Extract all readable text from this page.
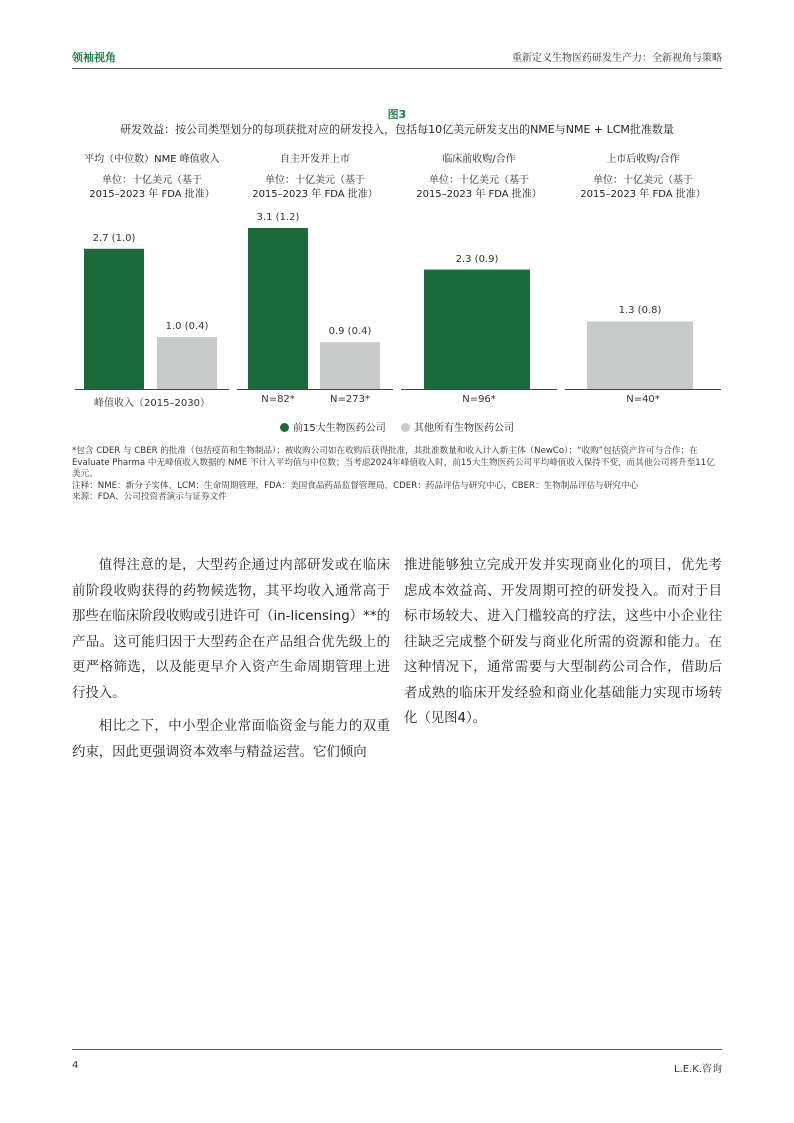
领袖视角	重新定义生物医药研发生产力：全新视角与策略
图3
研发效益：按公司类型划分的每项获批对应的研发投入，包括每10亿美元研发支出的NME与NME + LCM批准数量
平均（中位数）NME 峰值收入	自主开发并上市	临床前收购/合作	上市后收购/合作
单位：十亿美元（基于
2015–2023 年 FDA 批准）
单位：十亿美元（基于
2015–2023 年 FDA 批准）
单位：十亿美元（基于
2015–2023 年 FDA 批准）
单位：十亿美元（基于
2015–2023 年 FDA 批准）
2.7 (1.0)
1.0 (0.4)
峰值收入（2015–2030）
3.1 (1.2)
N=82*
0.9 (0.4)
N=273*
2.3 (0.9)
N=96*
1.3 (0.8)
N=40*
前15大生物医药公司	其他所有生物医药公司
*包含 CDER 与 CBER 的批准（包括疫苗和生物制品）；被收购公司如在收购后获得批准，其批准数量和收入计入新主体（NewCo）；“收购”包括资产许可与合作；在 Evaluate Pharma 中无峰值收入数据的 NME 不计入平均值与中位数；当考虑2024年峰值收入时，前15大生物医药公司平均峰值收入保持不变，而其他公司将升至11亿美元。
注释：NME：新分子实体，LCM：生命周期管理，FDA：美国食品药品监督管理局，CDER：药品评估与研究中心，CBER：生物制品评估与研究中心
来源：FDA、公司投资者演示与证券文件

值得注意的是，大型药企通过内部研发或在临床前阶段收购获得的药物候选物，其平均收入通常高于那些在临床阶段收购或引进许可（in-licensing）**的产品。这可能归因于大型药企在产品组合优先级上的更严格筛选，以及能更早介入资产生命周期管理上进行投入。

相比之下，中小型企业常面临资金与能力的双重约束，因此更强调资本效率与精益运营。它们倾向

推进能够独立完成开发并实现商业化的项目，优先考虑成本效益高、开发周期可控的研发投入。而对于目标市场较大、进入门槛较高的疗法，这些中小企业往往缺乏完成整个研发与商业化所需的资源和能力。在这种情况下，通常需要与大型制药公司合作，借助后者成熟的临床开发经验和商业化基础能力实现市场转化（见图4）。

4	L.E.K.咨询
